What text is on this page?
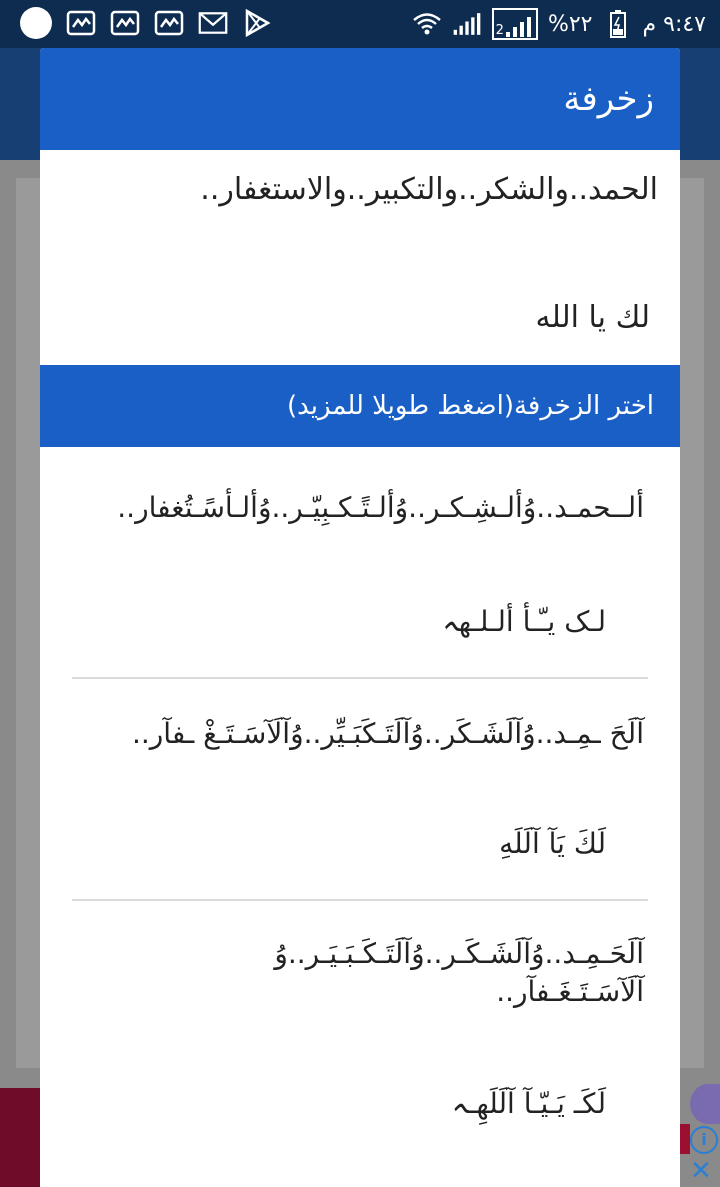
2 %٢٢ ٩:٤٧ م
i
✕
زخرفة
الحمد..والشكر..والتكبير..والاستغفار..
لك يا الله
اختر الزخرفة(اضغط طويلا للمزيد)
ألــحمـد..وُألـشِـكـر..وُألـتًـكـبِيّـر..وُألـأسًـتُغفار..
لـک يـّـأ ألـلـهہ
آلَحَ ـمِـد..وُآلَشَـكَر..وُآلَتَـكَبَـيِّر..وُآلَآسَـتَـغْ ـفآر..
لَكَ يَآ آلَلَهِ
آلَحَـمِـد..وُآلَشَـكَـر..وُآلَتَـكَـبَـيَـر..وُ
آلَآسَـتَـغَـفآر..
لَكَـ يَـيّـآ آلَلَهِـہ
